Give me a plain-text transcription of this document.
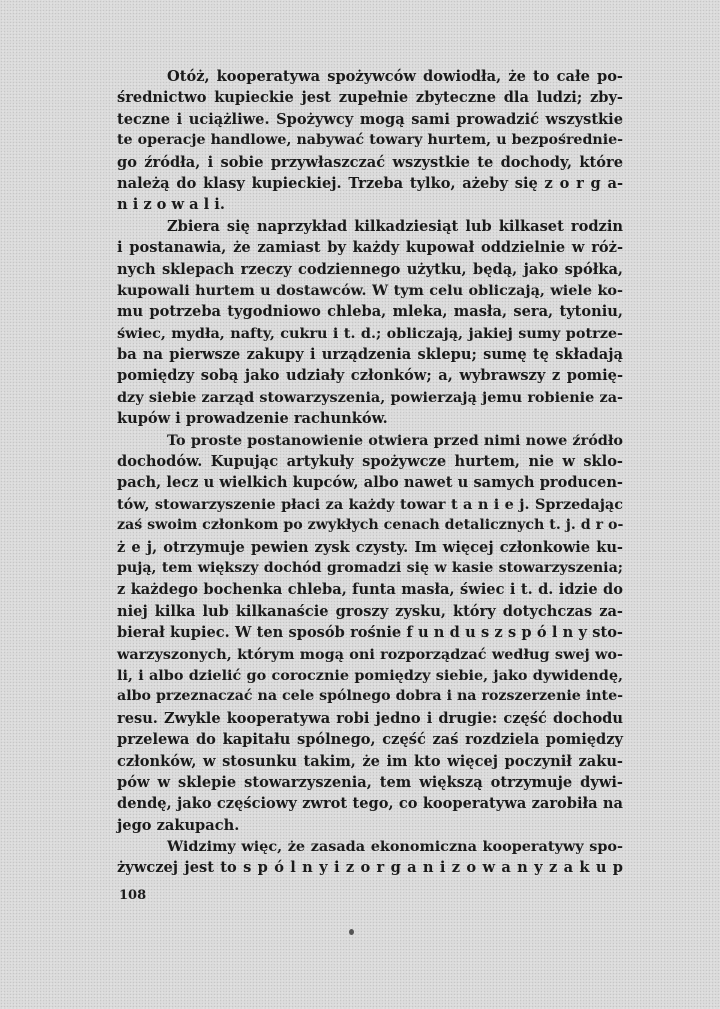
Otóż, kooperatywa spożywców dowiodła, że to całe po-
średnictwo kupieckie jest zupełnie zbyteczne dla ludzi; zby-
teczne i uciążliwe. Spożywcy mogą sami prowadzić wszystkie
te operacje handlowe, nabywać towary hurtem, u bezpośrednie-
go źródła, i sobie przywłaszczać wszystkie te dochody, które
należą do klasy kupieckiej. Trzeba tylko, ażeby się z o r g a-
n i z o w a l i.
Zbiera się naprzykład kilkadziesiąt lub kilkaset rodzin
i postanawia, że zamiast by każdy kupował oddzielnie w róż-
nych sklepach rzeczy codziennego użytku, będą, jako spółka,
kupowali hurtem u dostawców. W tym celu obliczają, wiele ko-
mu potrzeba tygodniowo chleba, mleka, masła, sera, tytoniu,
świec, mydła, nafty, cukru i t. d.; obliczają, jakiej sumy potrze-
ba na pierwsze zakupy i urządzenia sklepu; sumę tę składają
pomiędzy sobą jako udziały członków; a, wybrawszy z pomię-
dzy siebie zarząd stowarzyszenia, powierzają jemu robienie za-
kupów i prowadzenie rachunków.
To proste postanowienie otwiera przed nimi nowe źródło
dochodów. Kupując artykuły spożywcze hurtem, nie w sklo-
pach, lecz u wielkich kupców, albo nawet u samych producen-
tów, stowarzyszenie płaci za każdy towar t a n i e j. Sprzedając
zaś swoim członkom po zwykłych cenach detalicznych t. j. d r o-
ż e j, otrzymuje pewien zysk czysty. Im więcej członkowie ku-
pują, tem większy dochód gromadzi się w kasie stowarzyszenia;
z każdego bochenka chleba, funta masła, świec i t. d. idzie do
niej kilka lub kilkanaście groszy zysku, który dotychczas za-
bierał kupiec. W ten sposób rośnie f u n d u s z s p ó l n y sto-
warzyszonych, którym mogą oni rozporządzać według swej wo-
li, i albo dzielić go corocznie pomiędzy siebie, jako dywidendę,
albo przeznaczać na cele spólnego dobra i na rozszerzenie inte-
resu. Zwykle kooperatywa robi jedno i drugie: część dochodu
przelewa do kapitału spólnego, część zaś rozdziela pomiędzy
członków, w stosunku takim, że im kto więcej poczynił zaku-
pów w sklepie stowarzyszenia, tem większą otrzymuje dywi-
dendę, jako częściowy zwrot tego, co kooperatywa zarobiła na
jego zakupach.
Widzimy więc, że zasada ekonomiczna kooperatywy spo-
żywczej jest to s p ó l n y i z o r g a n i z o w a n y z a k u p
108
